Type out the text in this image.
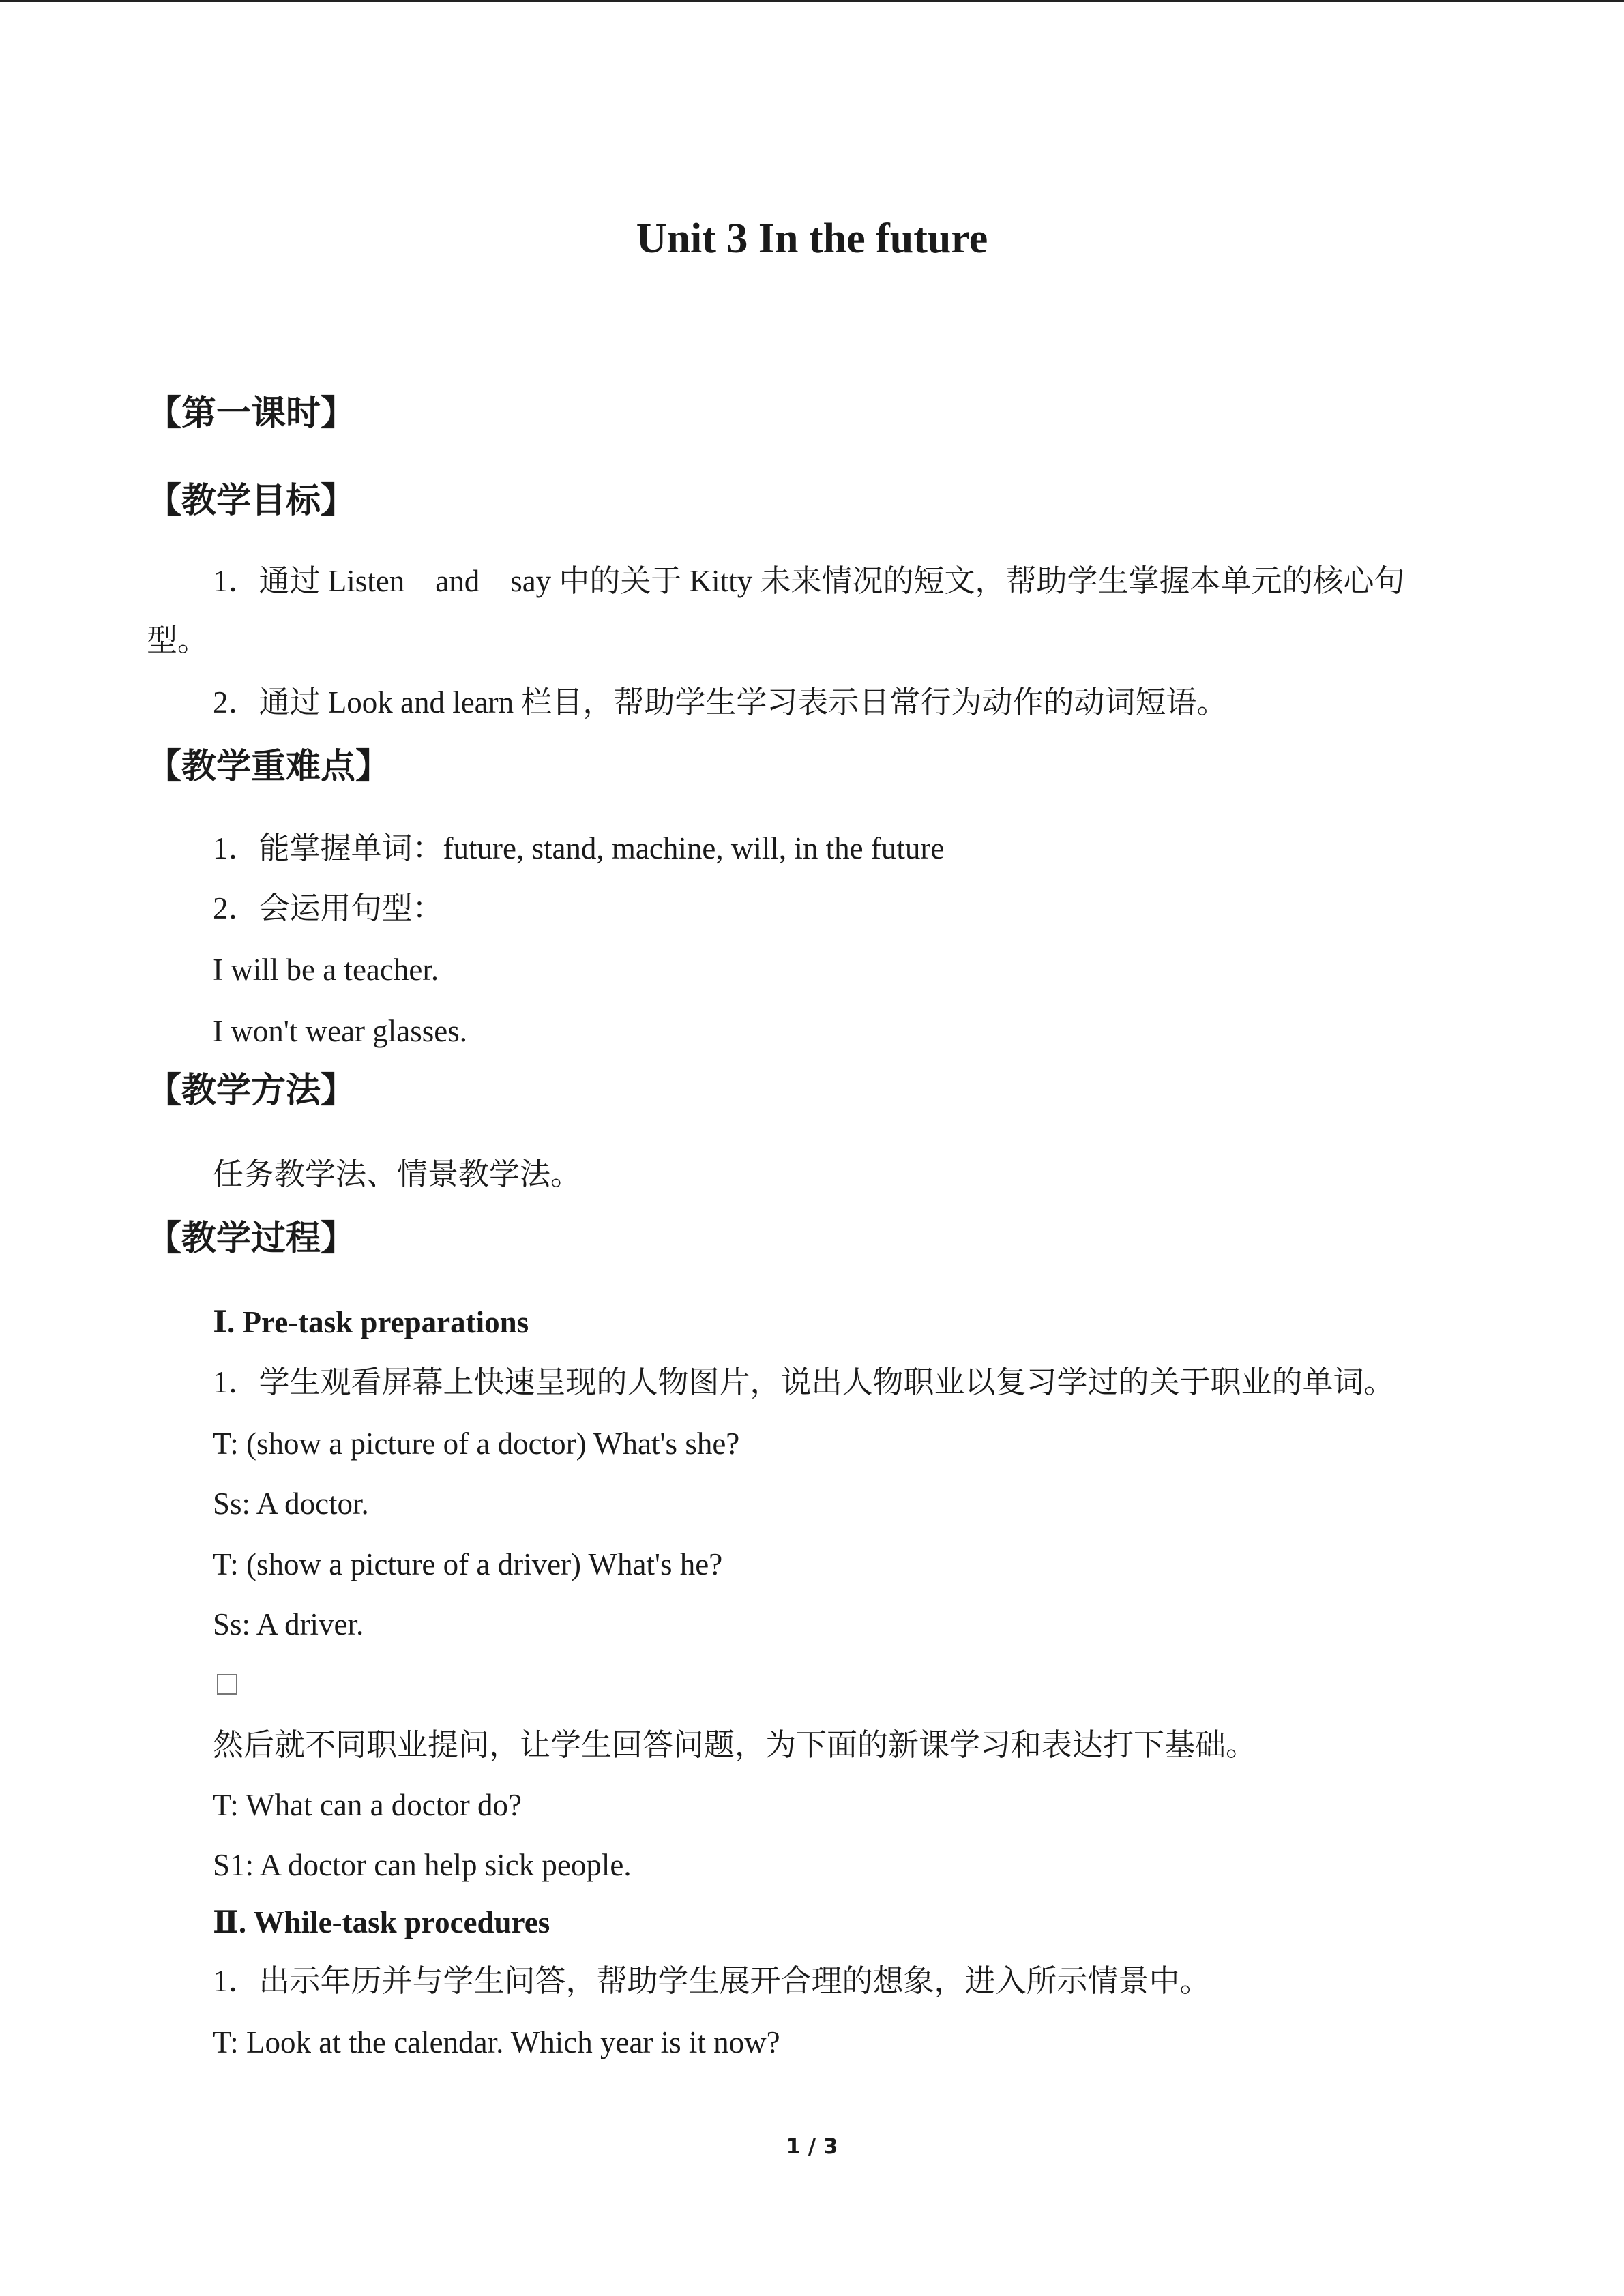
Unit 3 In the future
【第一课时】
【教学目标】
1．通过 Listen　and　say 中的关于 Kitty 未来情况的短文，帮助学生掌握本单元的核心句
型。
2．通过 Look and learn 栏目，帮助学生学习表示日常行为动作的动词短语。
【教学重难点】
1．能掌握单词：future, stand, machine, will, in the future
2．会运用句型：
I will be a teacher.
I won't wear glasses.
【教学方法】
任务教学法、情景教学法。
【教学过程】
Ⅰ. Pre-task preparations
1．学生观看屏幕上快速呈现的人物图片，说出人物职业以复习学过的关于职业的单词。
T: (show a picture of a doctor) What's she?
Ss: A doctor.
T: (show a picture of a driver) What's he?
Ss: A driver.
然后就不同职业提问，让学生回答问题，为下面的新课学习和表达打下基础。
T: What can a doctor do?
S1: A doctor can help sick people.
Ⅱ. While-task procedures
1．出示年历并与学生问答，帮助学生展开合理的想象，进入所示情景中。
T: Look at the calendar. Which year is it now?
1 / 3
